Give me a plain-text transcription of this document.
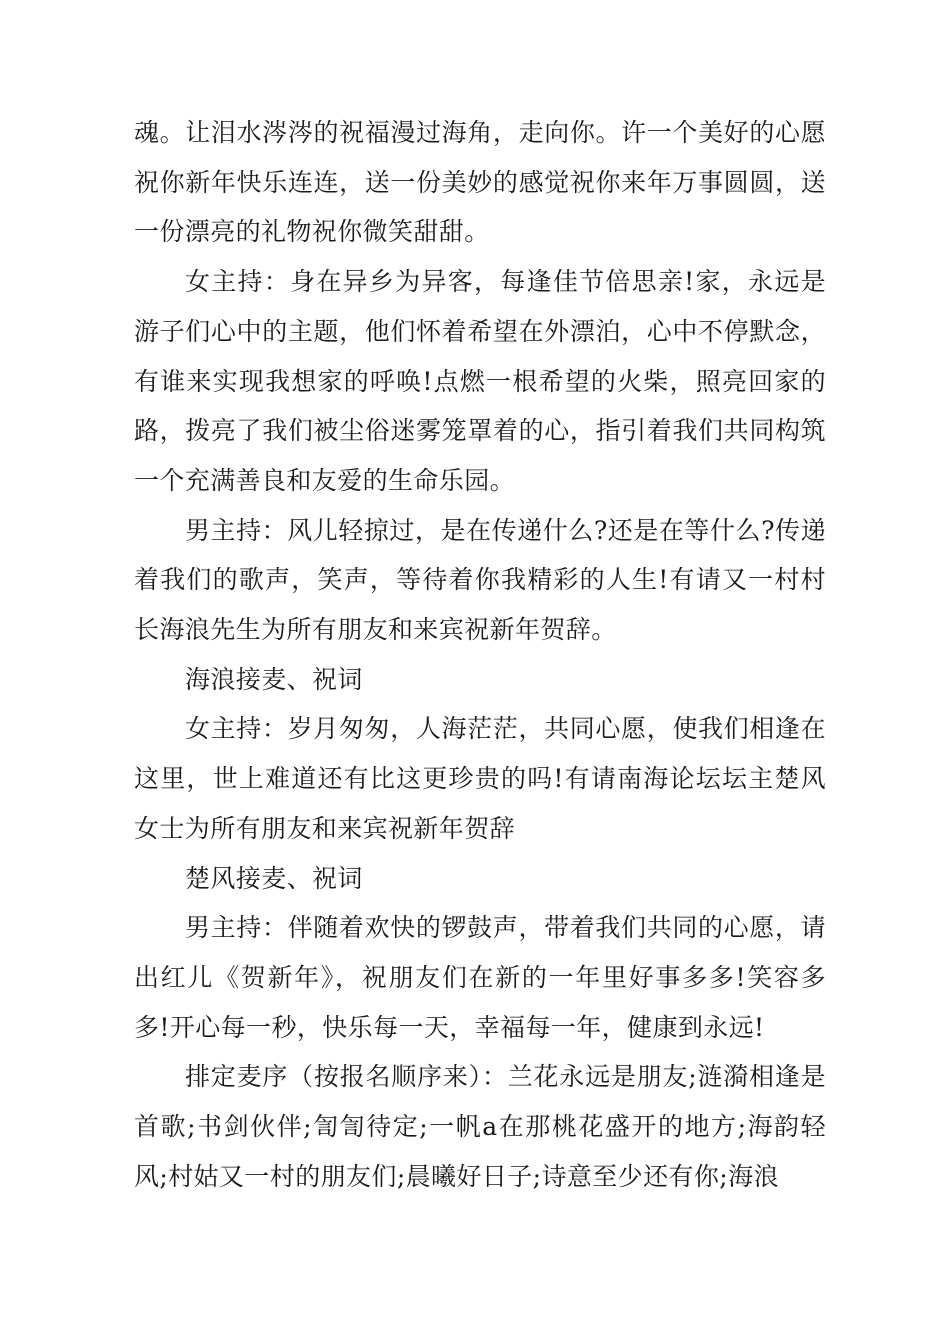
魂。让泪水涔涔的祝福漫过海角，走向你。许一个美好的心愿祝你新年快乐连连，送一份美妙的感觉祝你来年万事圆圆，送一份漂亮的礼物祝你微笑甜甜。

女主持：身在异乡为异客，每逢佳节倍思亲!家，永远是游子们心中的主题，他们怀着希望在外漂泊，心中不停默念，有谁来实现我想家的呼唤!点燃一根希望的火柴，照亮回家的路，拨亮了我们被尘俗迷雾笼罩着的心，指引着我们共同构筑一个充满善良和友爱的生命乐园。

男主持：风儿轻掠过，是在传递什么?还是在等什么?传递着我们的歌声，笑声，等待着你我精彩的人生!有请又一村村长海浪先生为所有朋友和来宾祝新年贺辞。

海浪接麦、祝词

女主持：岁月匆匆，人海茫茫，共同心愿，使我们相逢在这里，世上难道还有比这更珍贵的吗!有请南海论坛坛主楚风女士为所有朋友和来宾祝新年贺辞

楚风接麦、祝词

男主持：伴随着欢快的锣鼓声，带着我们共同的心愿，请出红儿《贺新年》，祝朋友们在新的一年里好事多多!笑容多多!开心每一秒，快乐每一天，幸福每一年，健康到永远!

排定麦序（按报名顺序来）：兰花永远是朋友;涟漪相逢是首歌;书剑伙伴;訇訇待定;一帆a在那桃花盛开的地方;海韵轻风;村姑又一村的朋友们;晨曦好日子;诗意至少还有你;海浪
